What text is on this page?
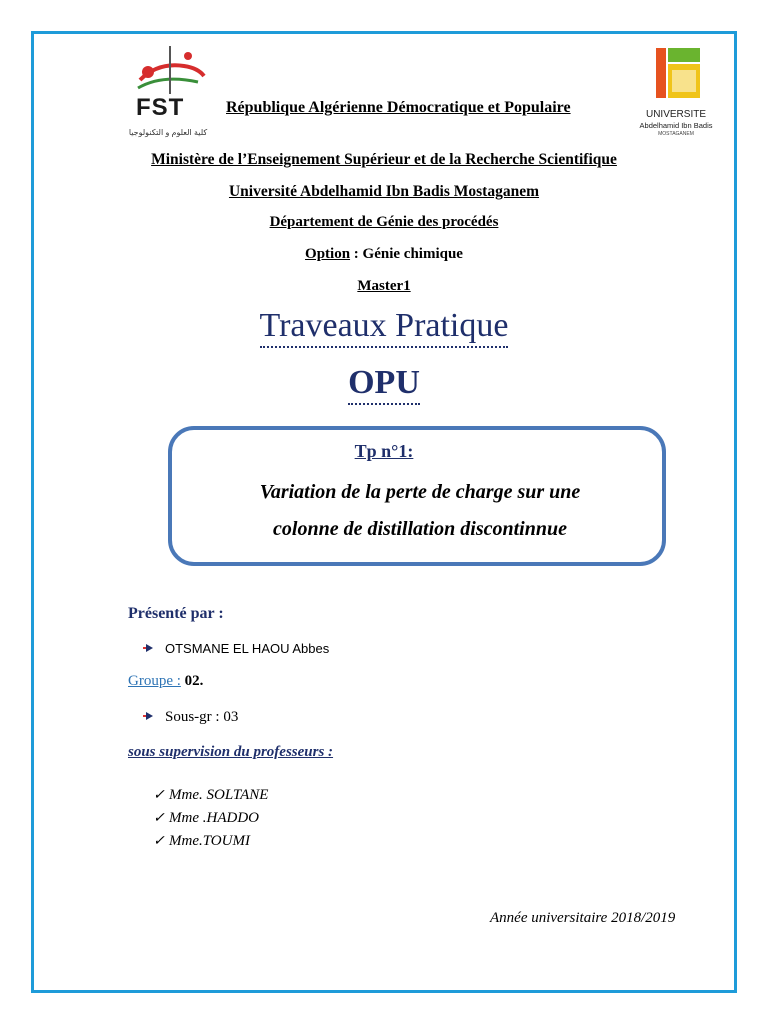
FST
كلية العلوم و التكنولوجيا
UNIVERSITE
Abdelhamid Ibn Badis
MOSTAGANEM
République Algérienne Démocratique et Populaire
Ministère de l’Enseignement Supérieur et de la Recherche Scientifique
Université Abdelhamid Ibn Badis Mostaganem
Département de Génie des procédés
Option : Génie chimique
Master1
Traveaux Pratique
OPU
Tp n°1:
Variation de la perte de charge sur une
colonne de distillation discontinnue
Présenté par :
OTSMANE EL HAOU Abbes
Groupe : 02.
Sous-gr : 03
sous supervision du professeurs :
✓ Mme. SOLTANE
✓ Mme .HADDO
✓ Mme.TOUMI
Année universitaire 2018/2019
